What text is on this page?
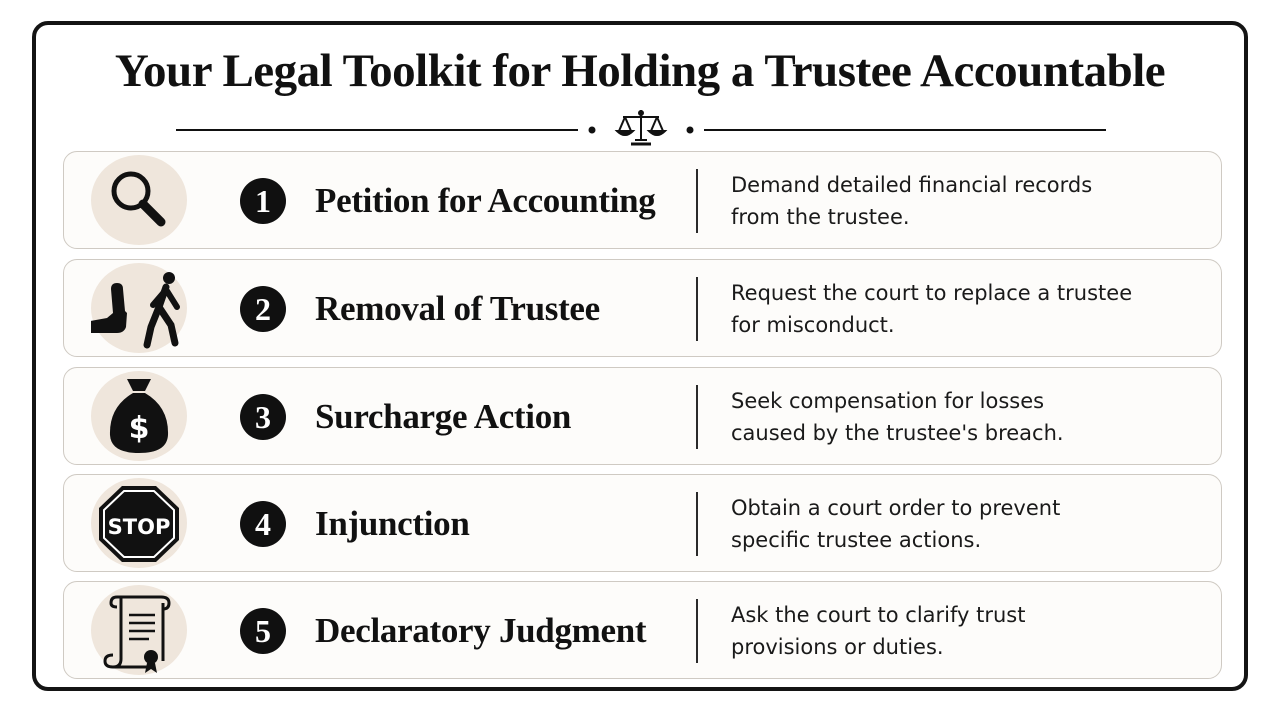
Your Legal Toolkit for Holding a Trustee Accountable
1	Petition for Accounting	Demand detailed financial records
from the trustee.
2	Removal of Trustee	Request the court to replace a trustee
for misconduct.
$	3	Surcharge Action	Seek compensation for losses
caused by the trustee's breach.
STOP	4	Injunction	Obtain a court order to prevent
specific trustee actions.
5	Declaratory Judgment	Ask the court to clarify trust
provisions or duties.
